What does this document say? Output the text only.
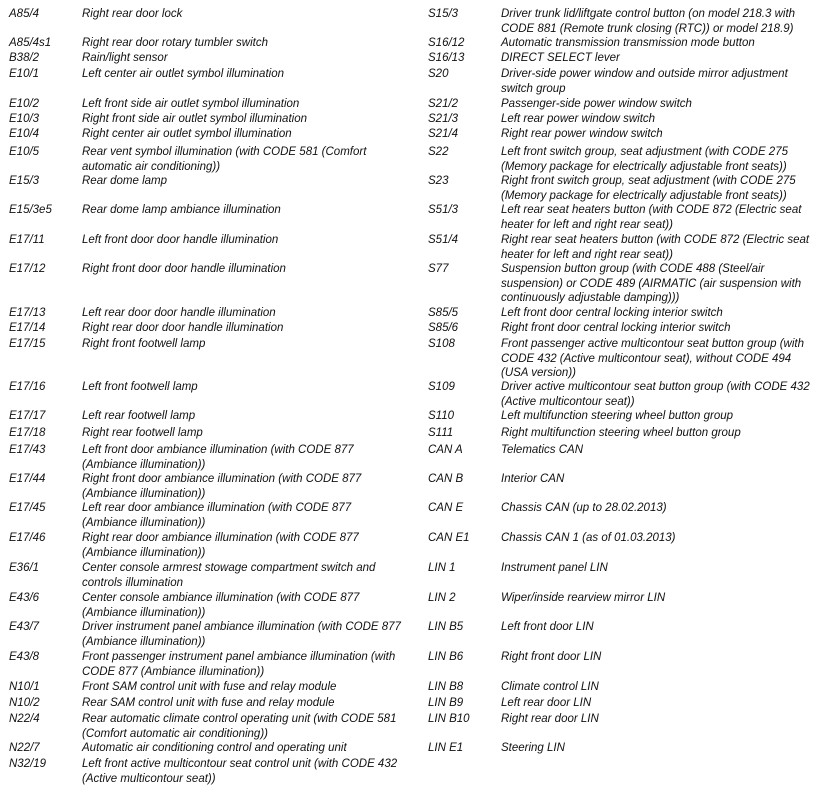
A85/4	Right rear door lock
A85/4s1	Right rear door rotary tumbler switch
B38/2	Rain/light sensor
E10/1	Left center air outlet symbol illumination
E10/2	Left front side air outlet symbol illumination
E10/3	Right front side air outlet symbol illumination
E10/4	Right center air outlet symbol illumination
E10/5	Rear vent symbol illumination (with CODE 581 (Comfort automatic air conditioning))
E15/3	Rear dome lamp
E15/3e5	Rear dome lamp ambiance illumination
E17/11	Left front door door handle illumination
E17/12	Right front door door handle illumination
E17/13	Left rear door door handle illumination
E17/14	Right rear door door handle illumination
E17/15	Right front footwell lamp
E17/16	Left front footwell lamp
E17/17	Left rear footwell lamp
E17/18	Right rear footwell lamp
E17/43	Left front door ambiance illumination (with CODE 877 (Ambiance illumination))
E17/44	Right front door ambiance illumination (with CODE 877 (Ambiance illumination))
E17/45	Left rear door ambiance illumination (with CODE 877 (Ambiance illumination))
E17/46	Right rear door ambiance illumination (with CODE 877 (Ambiance illumination))
E36/1	Center console armrest stowage compartment switch and controls illumination
E43/6	Center console ambiance illumination (with CODE 877 (Ambiance illumination))
E43/7	Driver instrument panel ambiance illumination (with CODE 877 (Ambiance illumination))
E43/8	Front passenger instrument panel ambiance illumination (with CODE 877 (Ambiance illumination))
N10/1	Front SAM control unit with fuse and relay module
N10/2	Rear SAM control unit with fuse and relay module
N22/4	Rear automatic climate control operating unit (with CODE 581 (Comfort automatic air conditioning))
N22/7	Automatic air conditioning control and operating unit
N32/19	Left front active multicontour seat control unit (with CODE 432 (Active multicontour seat))
S15/3	Driver trunk lid/liftgate control button (on model 218.3 with CODE 881 (Remote trunk closing (RTC)) or model 218.9)
S16/12	Automatic transmission transmission mode button
S16/13	DIRECT SELECT lever
S20	Driver-side power window and outside mirror adjustment switch group
S21/2	Passenger-side power window switch
S21/3	Left rear power window switch
S21/4	Right rear power window switch
S22	Left front switch group, seat adjustment (with CODE 275 (Memory package for electrically adjustable front seats))
S23	Right front switch group, seat adjustment (with CODE 275 (Memory package for electrically adjustable front seats))
S51/3	Left rear seat heaters button (with CODE 872 (Electric seat heater for left and right rear seat))
S51/4	Right rear seat heaters button (with CODE 872 (Electric seat heater for left and right rear seat))
S77	Suspension button group (with CODE 488 (Steel/air suspension) or CODE 489 (AIRMATIC (air suspension with continuously adjustable damping)))
S85/5	Left front door central locking interior switch
S85/6	Right front door central locking interior switch
S108	Front passenger active multicontour seat button group (with CODE 432 (Active multicontour seat), without CODE 494 (USA version))
S109	Driver active multicontour seat button group (with CODE 432 (Active multicontour seat))
S110	Left multifunction steering wheel button group
S111	Right multifunction steering wheel button group
CAN A	Telematics CAN
CAN B	Interior CAN
CAN E	Chassis CAN (up to 28.02.2013)
CAN E1	Chassis CAN 1 (as of 01.03.2013)
LIN 1	Instrument panel LIN
LIN 2	Wiper/inside rearview mirror LIN
LIN B5	Left front door LIN
LIN B6	Right front door LIN
LIN B8	Climate control LIN
LIN B9	Left rear door LIN
LIN B10	Right rear door LIN
LIN E1	Steering LIN
